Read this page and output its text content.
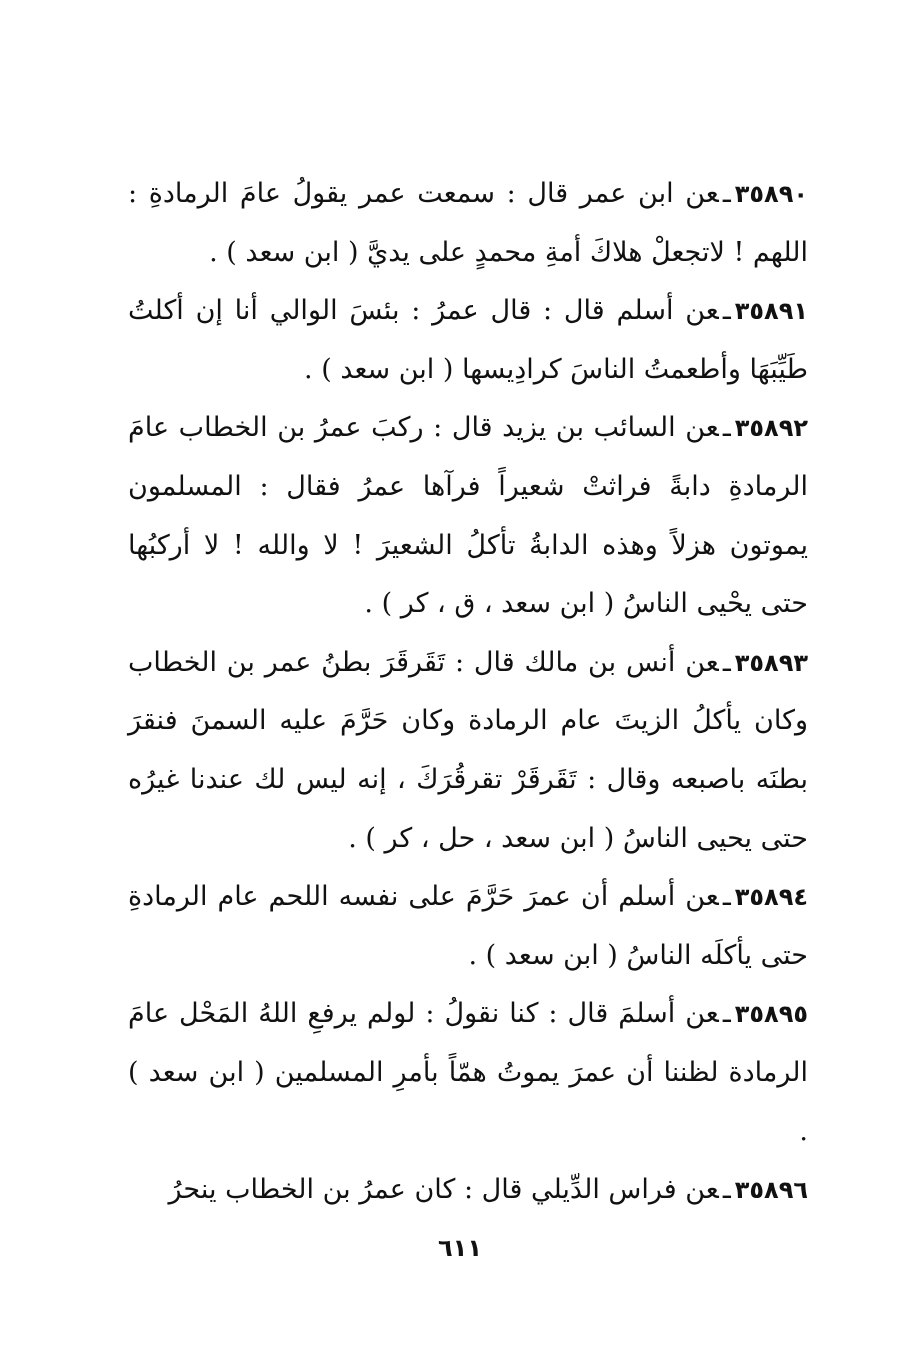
٣٥٨٩٠ـعن ابن عمر قال : سمعت عمر يقولُ عامَ الرمادةِ : اللهم ! لاتجعلْ هلاكَ أمةِ محمدٍ على يديَّ ( ابن سعد ) .

٣٥٨٩١ـعن أسلم قال : قال عمرُ : بئسَ الوالي أنا إن أكلتُ طَيِّبَهَا وأطعمتُ الناسَ كرادِيسها ( ابن سعد ) .

٣٥٨٩٢ـعن السائب بن يزيد قال : ركبَ عمرُ بن الخطاب عامَ الرمادةِ دابةً فراثتْ شعيراً فرآها عمرُ فقال : المسلمون يموتون هزلاً وهذه الدابةُ تأكلُ الشعيرَ ! لا والله ! لا أركبُها حتى يحْيى الناسُ ( ابن سعد ، ق ، كر ) .

٣٥٨٩٣ـعن أنس بن مالك قال : تَقَرقَرَ بطنُ عمر بن الخطاب وكان يأكلُ الزيتَ عام الرمادة وكان حَرَّمَ عليه السمنَ فنقرَ بطنَه باصبعه وقال : تَقَرقَرْ تقرقُرَكَ ، إنه ليس لك عندنا غيرُه حتى يحيى الناسُ ( ابن سعد ، حل ، كر ) .

٣٥٨٩٤ـعن أسلم أن عمرَ حَرَّمَ على نفسه اللحم عام الرمادةِ حتى يأكلَه الناسُ ( ابن سعد ) .

٣٥٨٩٥ـعن أسلمَ قال : كنا نقولُ : لولم يرفعِ اللهُ المَحْل عامَ الرمادة لظننا أن عمرَ يموتُ همّاً بأمرِ المسلمين ( ابن سعد ) .

٣٥٨٩٦ـعن فراس الدِّيلي قال : كان عمرُ بن الخطاب ينحرُ

٦١١
